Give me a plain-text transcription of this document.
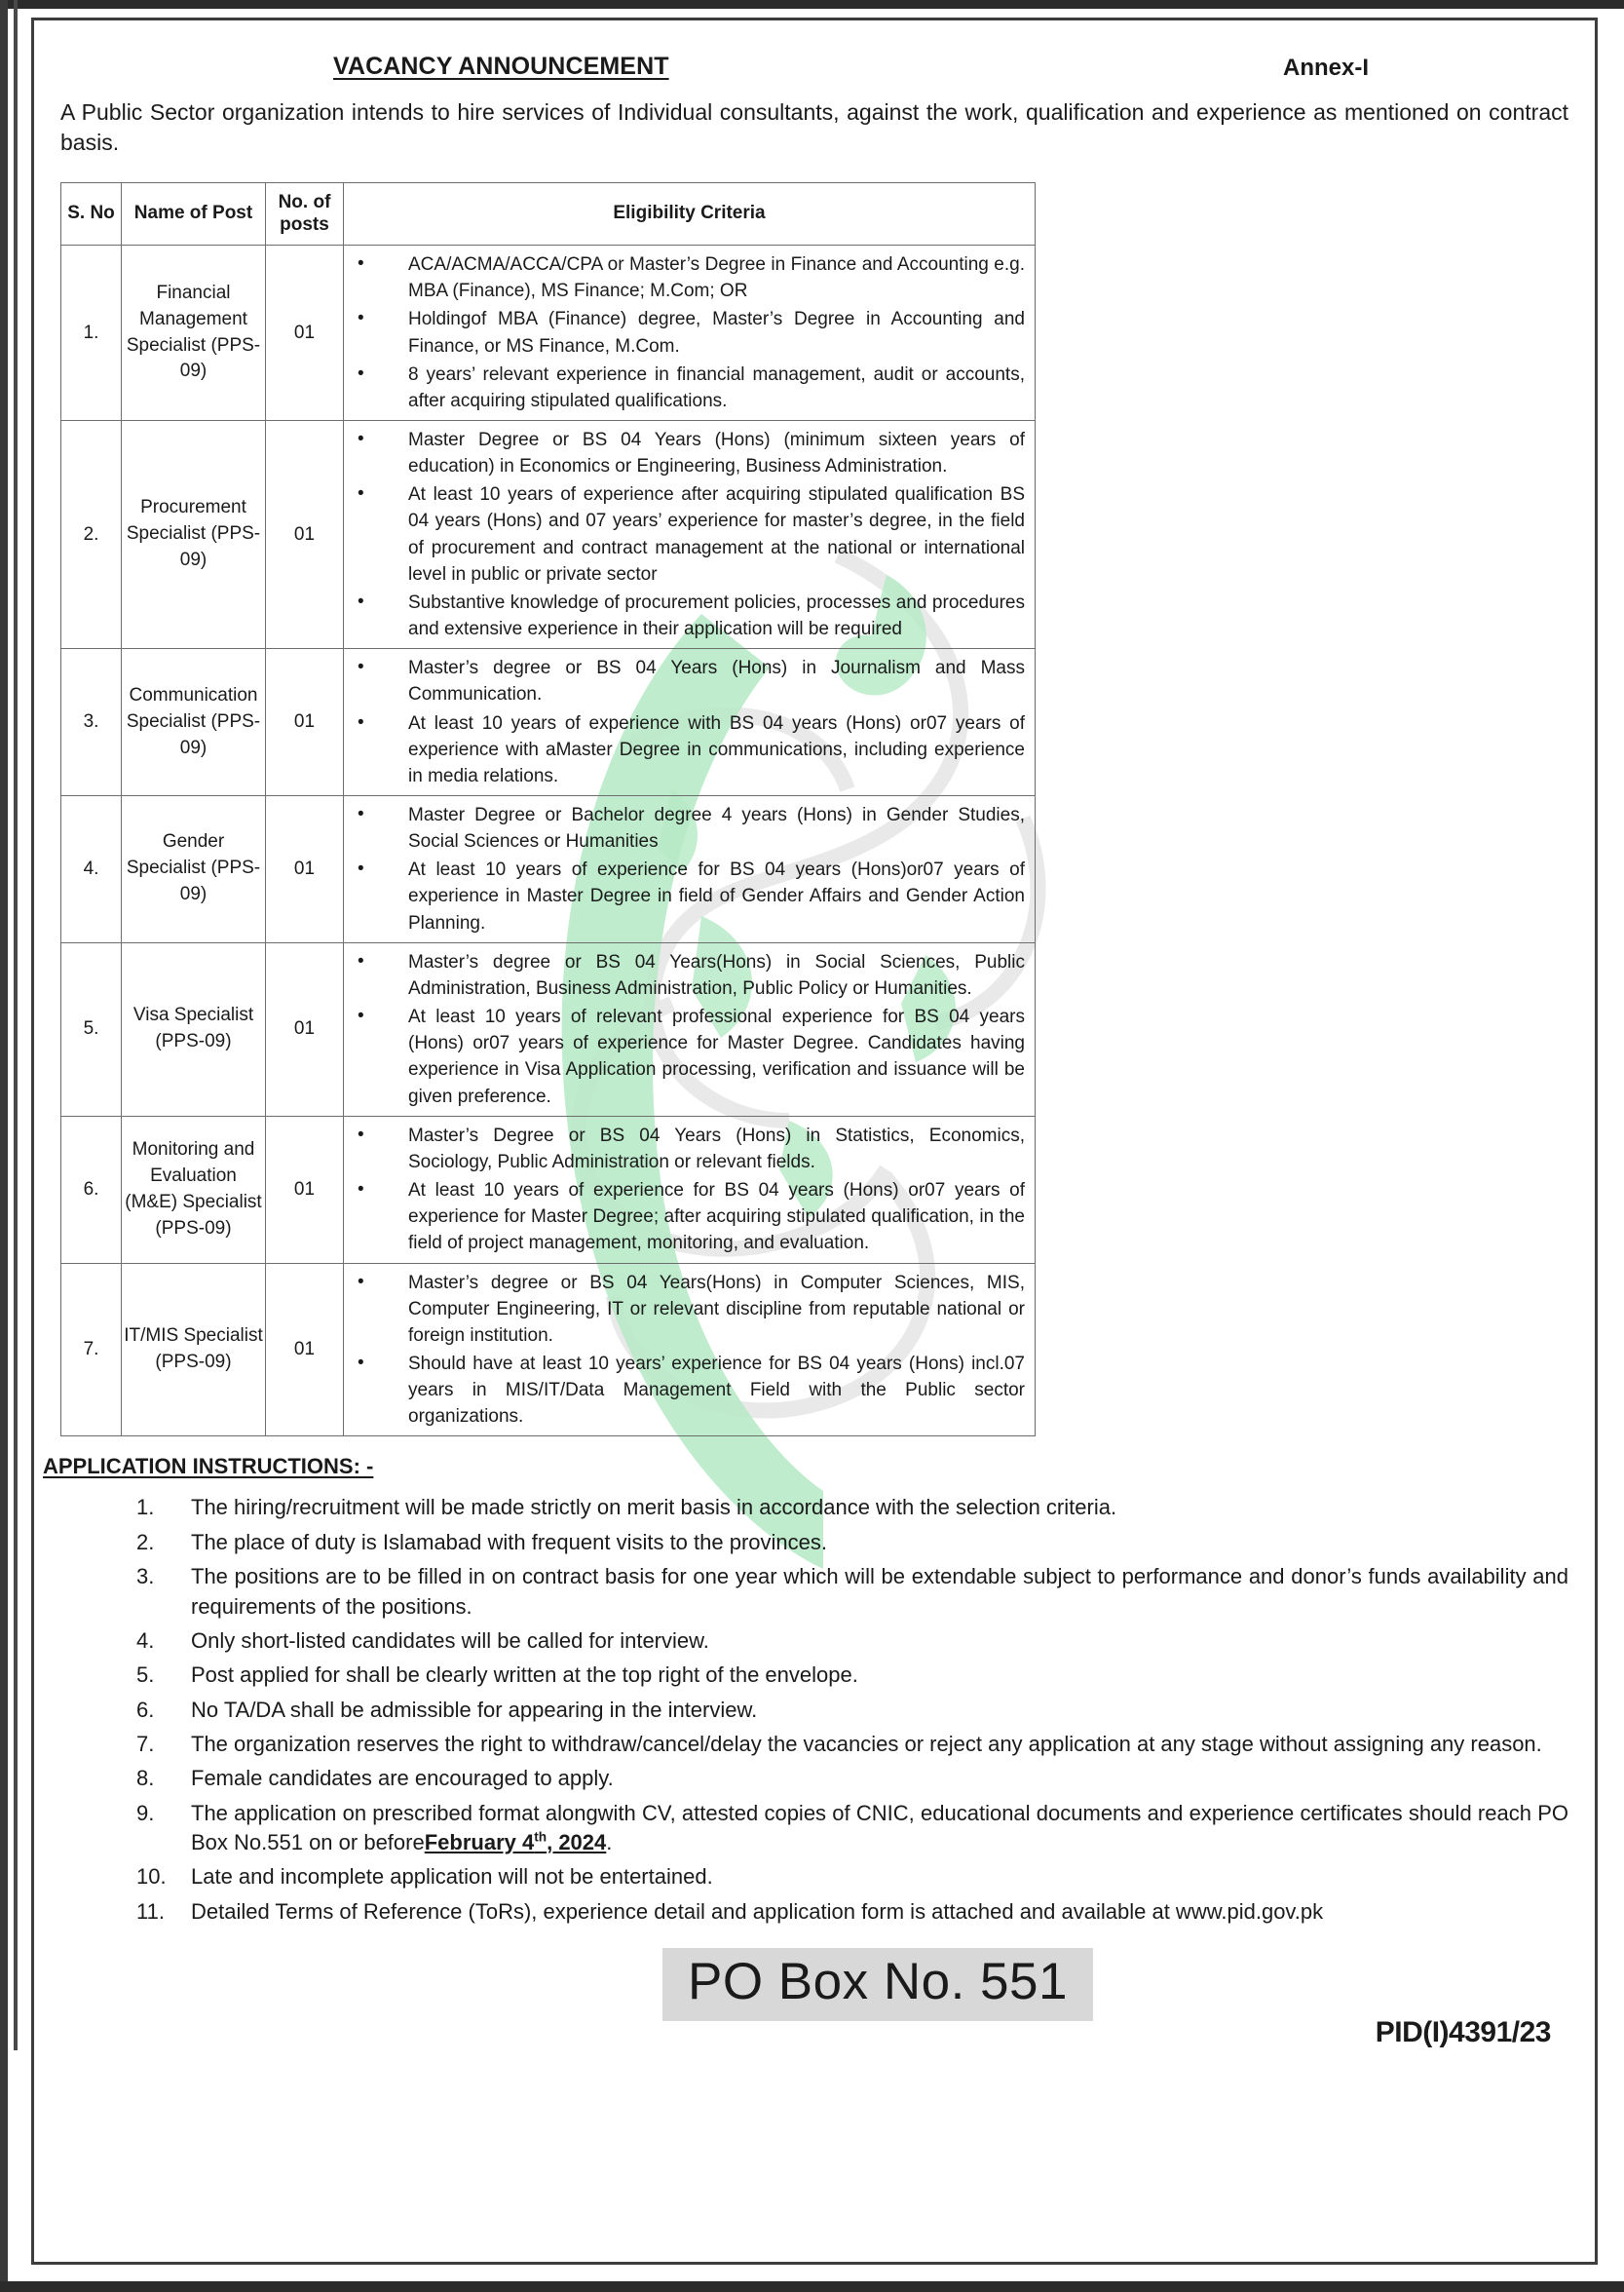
VACANCY ANNOUNCEMENT	Annex-I
A Public Sector organization intends to hire services of Individual consultants, against the work, qualification and experience as mentioned on contract basis.
S. No	Name of Post	No. of posts	Eligibility Criteria
1.	Financial Management Specialist (PPS-09)	01	
• ACA/ACMA/ACCA/CPA or Master’s Degree in Finance and Accounting e.g. MBA (Finance), MS Finance; M.Com; OR
• Holdingof MBA (Finance) degree, Master’s Degree in Accounting and Finance, or MS Finance, M.Com.
• 8 years’ relevant experience in financial management, audit or accounts, after acquiring stipulated qualifications.

2.	Procurement Specialist (PPS-09)	01	
• Master Degree or BS 04 Years (Hons) (minimum sixteen years of education) in Economics or Engineering, Business Administration.
• At least 10 years of experience after acquiring stipulated qualification BS 04 years (Hons) and 07 years’ experience for master’s degree, in the field of procurement and contract management at the national or international level in public or private sector
• Substantive knowledge of procurement policies, processes and procedures and extensive experience in their application will be required

3.	Communication Specialist (PPS-09)	01	
• Master’s degree or BS 04 Years (Hons) in Journalism and Mass Communication.
• At least 10 years of experience with BS 04 years (Hons) or07 years of experience with aMaster Degree in communications, including experience in media relations.

4.	Gender Specialist (PPS-09)	01	
• Master Degree or Bachelor degree 4 years (Hons) in Gender Studies, Social Sciences or Humanities
• At least 10 years of experience for BS 04 years (Hons)or07 years of experience in Master Degree in field of Gender Affairs and Gender Action Planning.

5.	Visa Specialist (PPS-09)	01	
• Master’s degree or BS 04 Years(Hons) in Social Sciences, Public Administration, Business Administration, Public Policy or Humanities.
• At least 10 years of relevant professional experience for BS 04 years (Hons) or07 years of experience for Master Degree. Candidates having experience in Visa Application processing, verification and issuance will be given preference.

6.	Monitoring and Evaluation (M&E) Specialist (PPS-09)	01	
• Master’s Degree or BS 04 Years (Hons) in Statistics, Economics, Sociology, Public Administration or relevant fields.
• At least 10 years of experience for BS 04 years (Hons) or07 years of experience for Master Degree; after acquiring stipulated qualification, in the field of project management, monitoring, and evaluation.

7.	IT/MIS Specialist (PPS-09)	01	
• Master’s degree or BS 04 Years(Hons) in Computer Sciences, MIS, Computer Engineering, IT or relevant discipline from reputable national or foreign institution.
• Should have at least 10 years’ experience for BS 04 years (Hons) incl.07 years in MIS/IT/Data Management Field with the Public sector organizations.
APPLICATION INSTRUCTIONS: -
The hiring/recruitment will be made strictly on merit basis in accordance with the selection criteria.
The place of duty is Islamabad with frequent visits to the provinces.
The positions are to be filled in on contract basis for one year which will be extendable subject to performance and donor’s funds availability and requirements of the positions.
Only short-listed candidates will be called for interview.
Post applied for shall be clearly written at the top right of the envelope.
No TA/DA shall be admissible for appearing in the interview.
The organization reserves the right to withdraw/cancel/delay the vacancies or reject any application at any stage without assigning any reason.
Female candidates are encouraged to apply.
The application on prescribed format alongwith CV, attested copies of CNIC, educational documents and experience certificates should reach PO Box No.551 on or beforeFebruary 4th, 2024.
Late and incomplete application will not be entertained.
Detailed Terms of Reference (ToRs), experience detail and application form is attached and available at www.pid.gov.pk
PO Box No. 551
PID(I)4391/23
